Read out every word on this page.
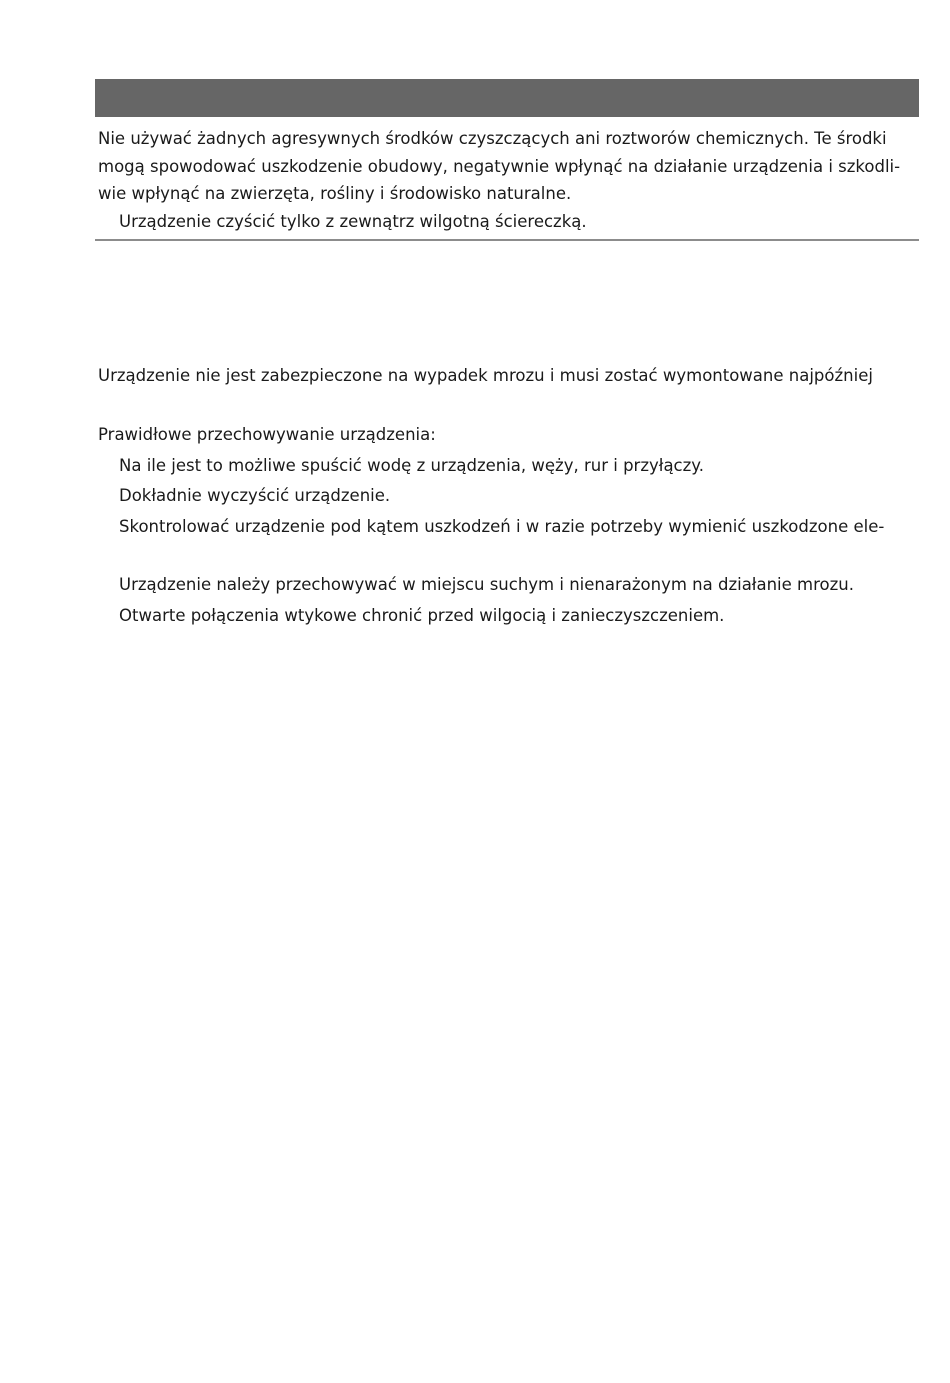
Nie używać żadnych agresywnych środków czyszczących ani roztworów chemicznych. Te środki
mogą spowodować uszkodzenie obudowy, negatywnie wpłynąć na działanie urządzenia i szkodli-
wie wpłynąć na zwierzęta, rośliny i środowisko naturalne.
Urządzenie czyścić tylko z zewnątrz wilgotną ściereczką.
Urządzenie nie jest zabezpieczone na wypadek mrozu i musi zostać wymontowane najpóźniej
Prawidłowe przechowywanie urządzenia:
Na ile jest to możliwe spuścić wodę z urządzenia, węży, rur i przyłączy.
Dokładnie wyczyścić urządzenie.
Skontrolować urządzenie pod kątem uszkodzeń i w razie potrzeby wymienić uszkodzone ele-
Urządzenie należy przechowywać w miejscu suchym i nienarażonym na działanie mrozu.
Otwarte połączenia wtykowe chronić przed wilgocią i zanieczyszczeniem.
